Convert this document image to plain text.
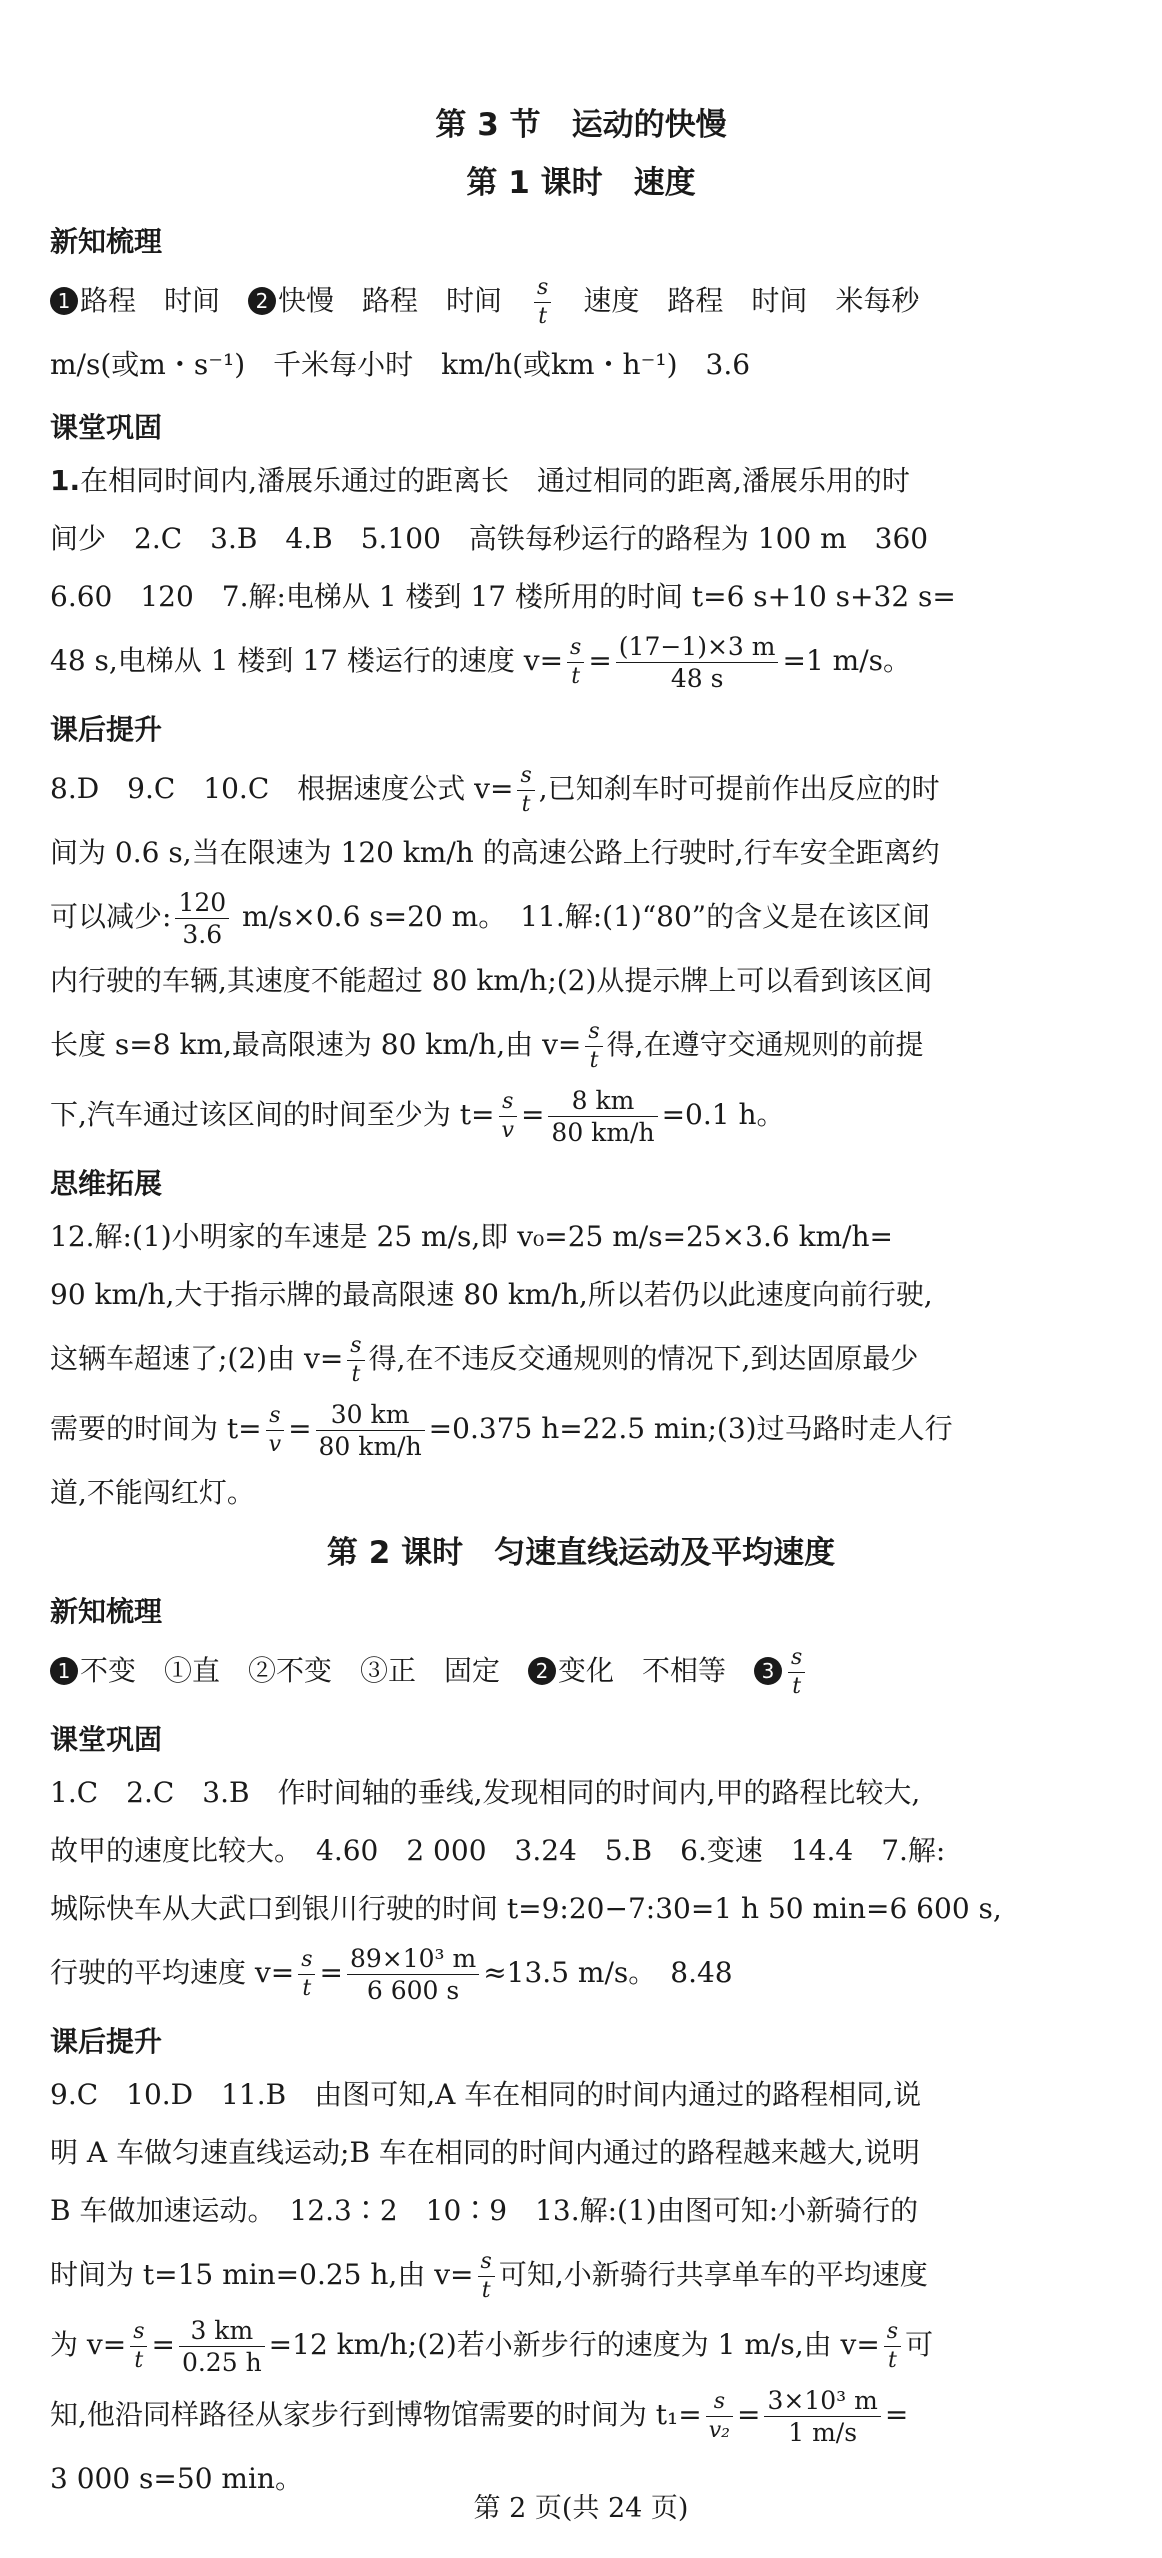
第 3 节　运动的快慢
第 1 课时　速度
新知梳理

1 路程　时间　2 快慢　路程　时间　 $\frac{s}{t}$ 　速度　路程　时间　米每秒

m/s(或m・s⁻¹)　千米每小时　km/h(或km・h⁻¹)　3.6

课堂巩固

1.在相同时间内,潘展乐通过的距离长　通过相同的距离,潘展乐用的时

间少　2.C　3.B　4.B　5.100　高铁每秒运行的路程为 100 m　360

6.60　120　7.解:电梯从 1 楼到 17 楼所用的时间 t=6 s+10 s+32 s=

48 s,电梯从 1 楼到 17 楼运行的速度 $v= \frac{s}{t} = \frac{(17-1)\times 3 m}{48 s} =1$ m/s。

课后提升

8.D　9.C　10.C　根据速度公式 $v= \frac{s}{t}$ ,已知刹车时可提前作出反应的时

间为 0.6 s,当在限速为 120 km/h 的高速公路上行驶时,行车安全距离约

可以减少: $\frac{120}{3.6} m/s\times 0.6$ s=20 m。　11.解:(1)“80”的含义是在该区间

内行驶的车辆,其速度不能超过 80 km/h;(2)从提示牌上可以看到该区间

长度 s=8 km,最高限速为 80 km/h,由 $v= \frac{s}{t}$ 得,在遵守交通规则的前提

下,汽车通过该区间的时间至少为 $t= \frac{s}{v} = \frac{8 km}{80 km/h} =0.1$ h。

思维拓展

12.解:(1)小明家的车速是 25 m/s,即 v₀=25 m/s=25×3.6 km/h=

90 km/h,大于指示牌的最高限速 80 km/h,所以若仍以此速度向前行驶,

这辆车超速了;(2)由 $v= \frac{s}{t}$ 得,在不违反交通规则的情况下,到达固原最少

需要的时间为 $t= \frac{s}{v} = \frac{30 km}{80 km/h} =0.375$ h=22.5 min;(3)过马路时走人行

道,不能闯红灯。

第 2 课时　匀速直线运动及平均速度
新知梳理

1 不变　①直　②不变　③正　固定　2 变化　不相等　$3 \frac{s}{t}$

课堂巩固

1.C　2.C　3.B　作时间轴的垂线,发现相同的时间内,甲的路程比较大,

故甲的速度比较大。　4.60　2 000　3.24　5.B　6.变速　14.4　7.解:

城际快车从大武口到银川行驶的时间 t=9:20−7:30=1 h 50 min=6 600 s,

行驶的平均速度 $v= \frac{s}{t} = \frac{\text{89×10³ m}}{6 600 s} \approx 13.5$ m/s。　8.48

课后提升

9.C　10.D　11.B　由图可知,A 车在相同的时间内通过的路程相同,说

明 A 车做匀速直线运动;B 车在相同的时间内通过的路程越来越大,说明

B 车做加速运动。　12.3∶2　10∶9　13.解:(1)由图可知:小新骑行的

时间为 t=15 min=0.25 h,由 $v= \frac{s}{t}$ 可知,小新骑行共享单车的平均速度

为 $v= \frac{s}{t} = \frac{3 km}{0.25 h} =12$ km/h;(2)若小新步行的速度为 1 m/s,由 $v= \frac{s}{t}$ 可

知,他沿同样路径从家步行到博物馆需要的时间为 $t_1= \frac{s}{\text{v₂}} = \frac{\text{3×10³ m}}{1 m/s}$ =

3 000 s=50 min。

第 2 页(共 24 页)
